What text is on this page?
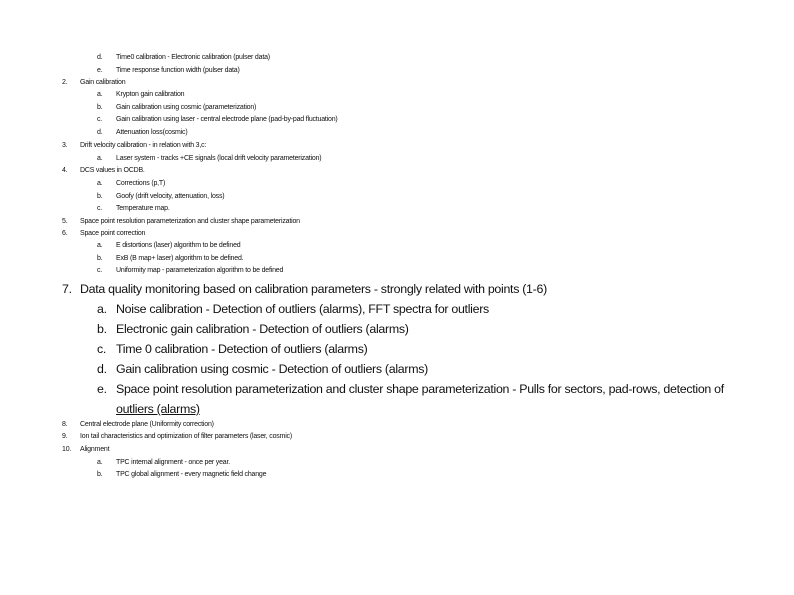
d. Time0 calibration - Electronic calibration (pulser data)
e. Time response function width (pulser data)
2. Gain calibration
a. Krypton gain calibration
b. Gain calibration using cosmic (parameterization)
c. Gain calibration using laser - central electrode plane (pad-by-pad fluctuation)
d. Attenuation loss(cosmic)
3. Drift velocity calibration - in relation with 3,c:
a. Laser system - tracks +CE signals (local drift velocity parameterization)
4. DCS values in OCDB.
a. Corrections (p,T)
b. Goofy (drift velocity, attenuation, loss)
c. Temperature map.
5. Space point resolution parameterization and cluster shape parameterization
6. Space point correction
a. E distortions (laser) algorithm to be defined
b. ExB (B map+ laser) algorithm to be defined.
c. Uniformity map - parameterization algorithm to be defined
7. Data quality monitoring based on calibration parameters - strongly related with points (1-6)
a. Noise calibration - Detection of outliers (alarms), FFT spectra for outliers
b. Electronic gain calibration - Detection of outliers (alarms)
c. Time 0 calibration - Detection of outliers (alarms)
d. Gain calibration using cosmic - Detection of outliers (alarms)
e. Space point resolution parameterization and cluster shape parameterization - Pulls for sectors, pad-rows, detection of
outliers (alarms)
8. Central electrode plane (Uniformity correction)
9. Ion tail characteristics and optimization of filter parameters (laser, cosmic)
10. Alignment
a. TPC internal alignment - once per year.
b. TPC global alignment - every magnetic field change
